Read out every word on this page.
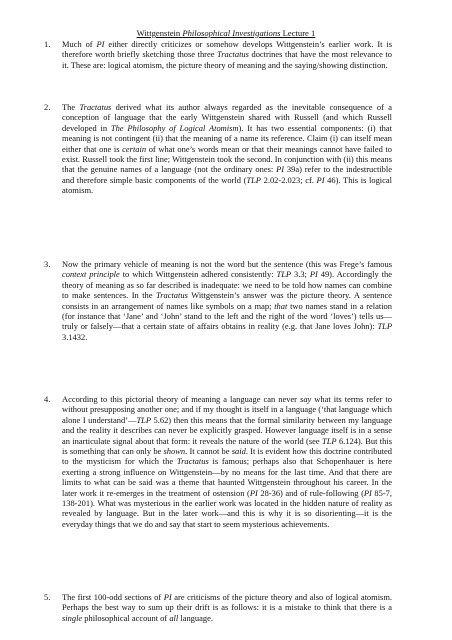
Wittgenstein Philosophical Investigations Lecture 1
1. Much of PI either directly criticizes or somehow develops Wittgenstein’s earlier work. It is therefore worth briefly sketching those three Tractatus doctrines that have the most relevance to it. These are: logical atomism, the picture theory of meaning and the saying/showing distinction.
2. The Tractatus derived what its author always regarded as the inevitable consequence of a conception of language that the early Wittgenstein shared with Russell (and which Russell developed in The Philosophy of Logical Atomism). It has two essential components: (i) that meaning is not contingent (ii) that the meaning of a name its reference. Claim (i) can itself mean either that one is certain of what one’s words mean or that their meanings cannot have failed to exist. Russell took the first line; Wittgenstein took the second. In conjunction with (ii) this means that the genuine names of a language (not the ordinary ones: PI 39a) refer to the indestructible and therefore simple basic components of the world (TLP 2.02-2.023; cf. PI 46). This is logical atomism.
3. Now the primary vehicle of meaning is not the word but the sentence (this was Frege’s famous context principle to which Wittgenstein adhered consistently: TLP 3.3; PI 49). Accordingly the theory of meaning as so far described is inadequate: we need to be told how names can combine to make sentences. In the Tractatus Wittgenstein’s answer was the picture theory. A sentence consists in an arrangement of names like symbols on a map; that two names stand in a relation (for instance that ‘Jane’ and ‘John’ stand to the left and the right of the word ‘loves’) tells us—truly or falsely—that a certain state of affairs obtains in reality (e.g. that Jane loves John): TLP 3.1432.
4. According to this pictorial theory of meaning a language can never say what its terms refer to without presupposing another one; and if my thought is itself in a language (‘that language which alone I understand’—TLP 5.62) then this means that the formal similarity between my language and the reality it describes can never be explicitly grasped. However language itself is in a sense an inarticulate signal about that form: it reveals the nature of the world (see TLP 6.124). But this is something that can only be shown. It cannot be said. It is evident how this doctrine contributed to the mysticism for which the Tractatus is famous; perhaps also that Schopenhauer is here exerting a strong influence on Wittgenstein—by no means for the last time. And that there are limits to what can be said was a theme that haunted Wittgenstein throughout his career. In the later work it re-emerges in the treatment of ostension (PI 28-36) and of rule-following (PI 85-7, 138-201). What was mysterious in the earlier work was located in the hidden nature of reality as revealed by language. But in the later work—and this is why it is so disorienting—it is the everyday things that we do and say that start to seem mysterious achievements.
5. The first 100-odd sections of PI are criticisms of the picture theory and also of logical atomism. Perhaps the best way to sum up their drift is as follows: it is a mistake to think that there is a single philosophical account of all language.
